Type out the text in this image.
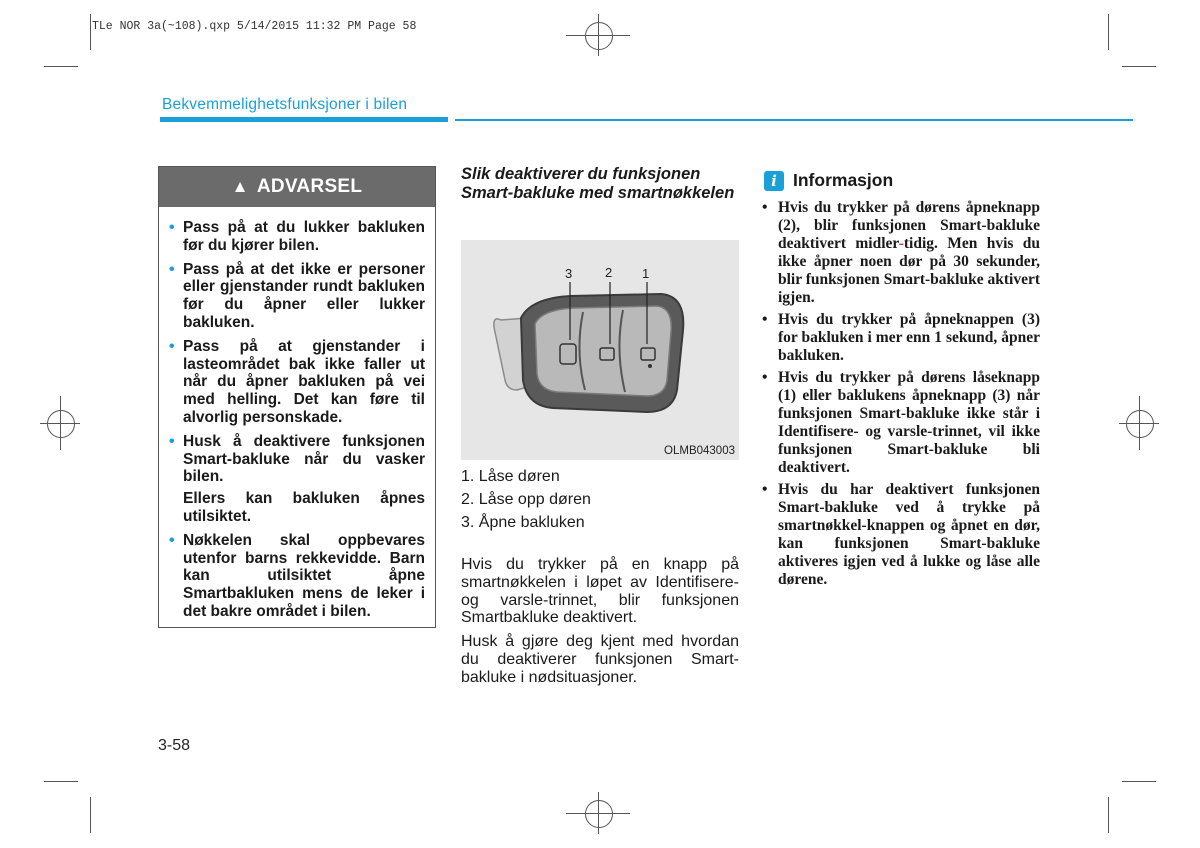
TLe NOR 3a(~108).qxp 5/14/2015 11:32 PM Page 58
Bekvemmelighetsfunksjoner i bilen
▲ ADVARSEL
• Pass på at du lukker bakluken før du kjører bilen.
• Pass på at det ikke er personer eller gjenstander rundt bakluken før du åpner eller lukker bakluken.
• Pass på at gjenstander i lasteområdet bak ikke faller ut når du åpner bakluken på vei med helling. Det kan føre til alvorlig personskade.
• Husk å deaktivere funksjonen Smart-bakluke når du vasker bilen.
Ellers kan bakluken åpnes utilsiktet.
• Nøkkelen skal oppbevares utenfor barns rekkevidde. Barn kan utilsiktet åpne Smartbakluken mens de leker i det bakre området i bilen.
Slik deaktiverer du funksjonen Smart-bakluke med smartnøkkelen
3	2 1
OLMB043003
1. Låse døren
2. Låse opp døren
3. Åpne bakluken
Hvis du trykker på en knapp på smartnøkkelen i løpet av Identifisere- og varsle-trinnet, blir funksjonen Smartbakluke deaktivert.
Husk å gjøre deg kjent med hvordan du deaktiverer funksjonen Smart-bakluke i nødsituasjoner.
i Informasjon
• Hvis du trykker på dørens åpneknapp (2), blir funksjonen Smart-bakluke deaktivert midler-tidig. Men hvis du ikke åpner noen dør på 30 sekunder, blir funksjonen Smart-bakluke aktivert igjen.
• Hvis du trykker på åpneknappen (3) for bakluken i mer enn 1 sekund, åpner bakluken.
• Hvis du trykker på dørens låseknapp (1) eller baklukens åpneknapp (3) når funksjonen Smart-bakluke ikke står i Identifisere- og varsle-trinnet, vil ikke funksjonen Smart-bakluke bli deaktivert.
• Hvis du har deaktivert funksjonen Smart-bakluke ved å trykke på smartnøkkel-knappen og åpnet en dør, kan funksjonen Smart-bakluke aktiveres igjen ved å lukke og låse alle dørene.
3-58
